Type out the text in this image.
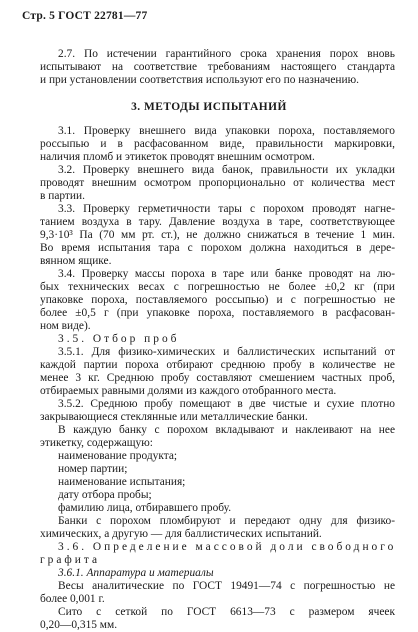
Стр. 5 ГОСТ 22781—77
2.7. По истечении гарантийного срока хранения порох вновь
испытывают на соответствие требованиям настоящего стандарта
и при установлении соответствия используют его по назначению.
3. МЕТОДЫ ИСПЫТАНИЙ
3.1. Проверку внешнего вида упаковки пороха, поставляемого
россыпью и в расфасованном виде, правильности маркировки,
наличия пломб и этикеток проводят внешним осмотром.
3.2. Проверку внешнего вида банок, правильности их укладки
проводят внешним осмотром пропорционально от количества мест
в партии.
3.3. Проверку герметичности тары с порохом проводят нагне-
танием воздуха в тару. Давление воздуха в таре, соответствующее
9,3·10³ Па (70 мм рт. ст.), не должно снижаться в течение 1 мин.
Во время испытания тара с порохом должна находиться в дере-
вянном ящике.
3.4. Проверку массы пороха в таре или банке проводят на лю-
бых технических весах с погрешностью не более ±0,2 кг (при
упаковке пороха, поставляемого россыпью) и с погрешностью не
более ±0,5 г (при упаковке пороха, поставляемого в расфасован-
ном виде).
3.5. Отбор проб
3.5.1. Для физико-химических и баллистических испытаний от
каждой партии пороха отбирают среднюю пробу в количестве не
менее 3 кг. Среднюю пробу составляют смешением частных проб,
отбираемых равными долями из каждого отобранного места.
3.5.2. Среднюю пробу помещают в две чистые и сухие плотно
закрывающиеся стеклянные или металлические банки.
В каждую банку с порохом вкладывают и наклеивают на нее
этикетку, содержащую:
наименование продукта;
номер партии;
наименование испытания;
дату отбора пробы;
фамилию лица, отбиравшего пробу.
Банки с порохом пломбируют и передают одну для физико-
химических, а другую — для баллистических испытаний.
3.6. Определение массовой доли свободного
графита
3.6.1. Аппаратура и материалы
Весы аналитические по ГОСТ 19491—74 с погрешностью не
более 0,001 г.
Сито с сеткой по ГОСТ 6613—73 с размером ячеек
0,20—0,315 мм.
